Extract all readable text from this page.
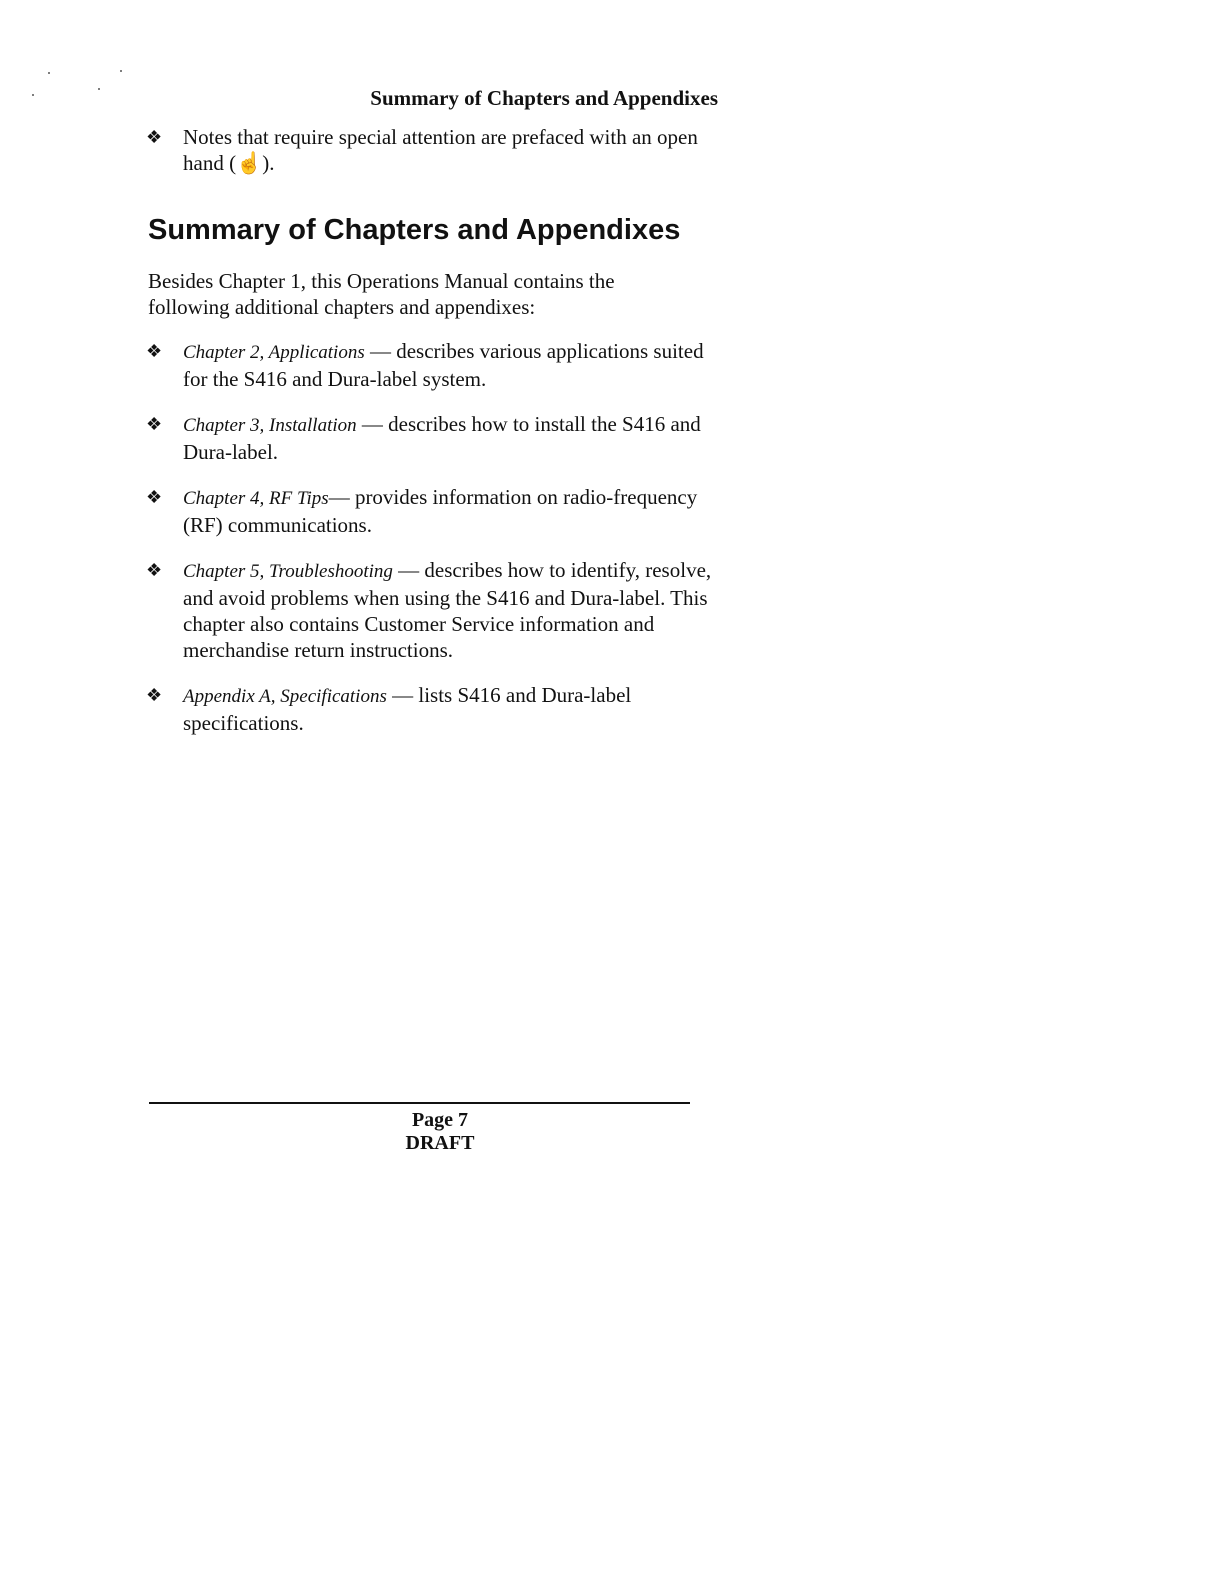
Summary of Chapters and Appendixes
❖ Notes that require special attention are prefaced with an open hand (☝).
Summary of Chapters and Appendixes

Besides Chapter 1, this Operations Manual contains the following additional chapters and appendixes:

❖ Chapter 2, Applications — describes various applications suited for the S416 and Dura-label system.
❖ Chapter 3, Installation — describes how to install the S416 and Dura-label.
❖ Chapter 4, RF Tips— provides information on radio-frequency (RF) communications.
❖ Chapter 5, Troubleshooting — describes how to identify, resolve, and avoid problems when using the S416 and Dura-label. This chapter also contains Customer Service information and merchandise return instructions.
❖ Appendix A, Specifications — lists S416 and Dura-label specifications.
Page 7
DRAFT
